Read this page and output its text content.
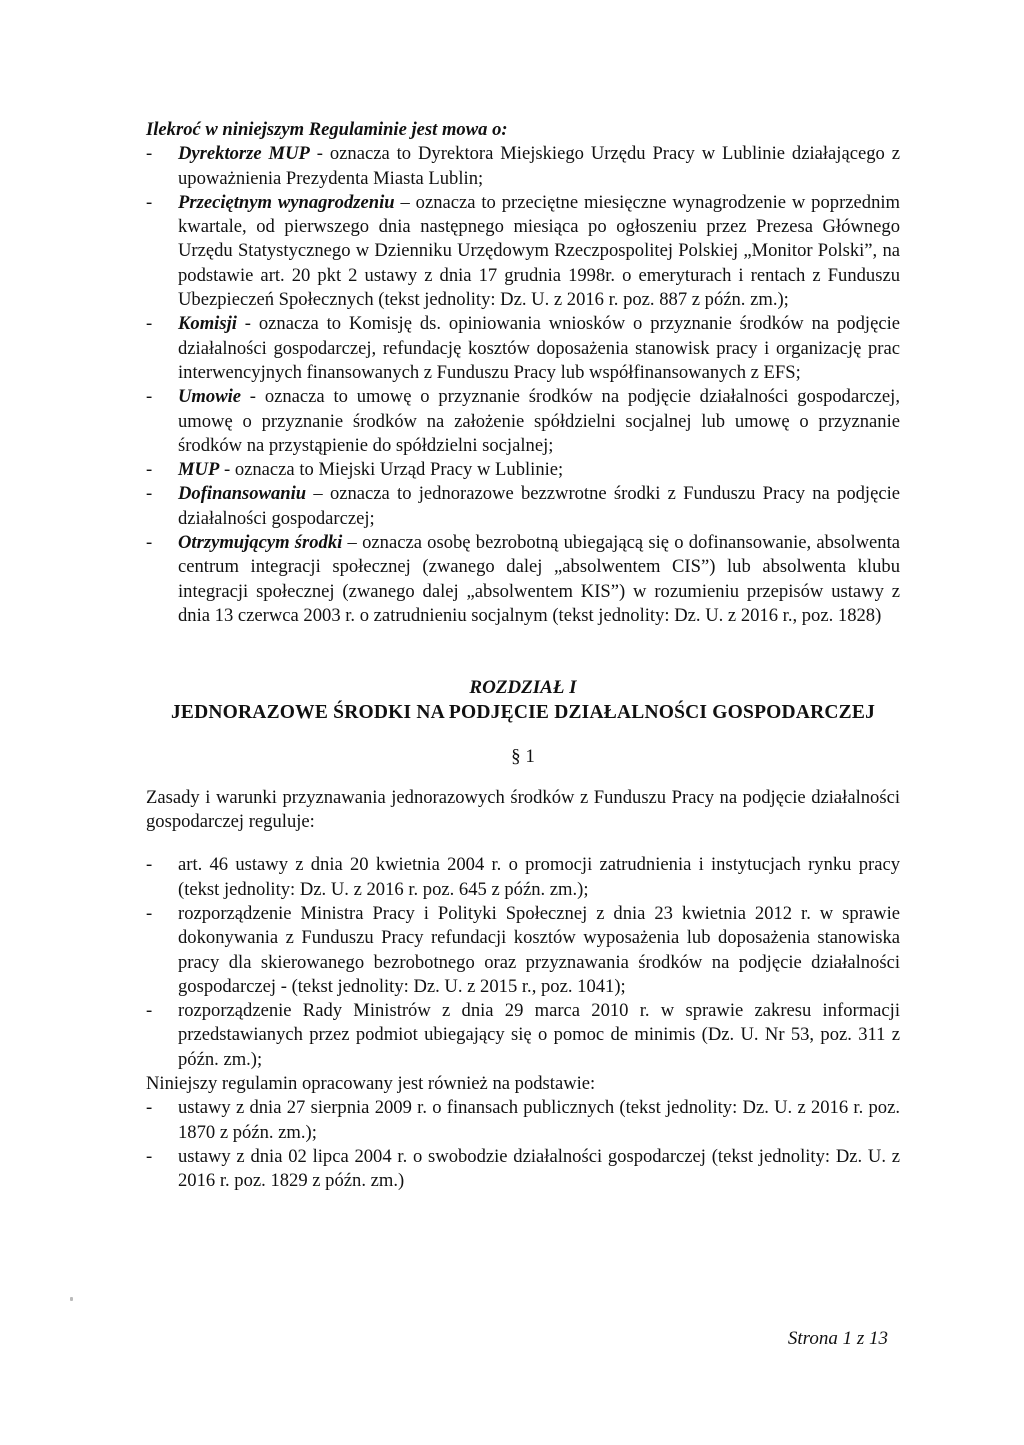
Ilekroć w niniejszym Regulaminie jest mowa o:

- Dyrektorze MUP - oznacza to Dyrektora Miejskiego Urzędu Pracy w Lublinie działającego z upoważnienia Prezydenta Miasta Lublin;
- Przeciętnym wynagrodzeniu – oznacza to przeciętne miesięczne wynagrodzenie w poprzednim kwartale, od pierwszego dnia następnego miesiąca po ogłoszeniu przez Prezesa Głównego Urzędu Statystycznego w Dzienniku Urzędowym Rzeczpospolitej Polskiej „Monitor Polski”, na podstawie art. 20 pkt 2 ustawy z dnia 17 grudnia 1998r. o emeryturach i rentach z Funduszu Ubezpieczeń Społecznych (tekst jednolity: Dz. U. z 2016 r. poz. 887 z późn. zm.);
- Komisji - oznacza to Komisję ds. opiniowania wniosków o przyznanie środków na podjęcie działalności gospodarczej, refundację kosztów doposażenia stanowisk pracy i organizację prac interwencyjnych finansowanych z Funduszu Pracy lub współfinansowanych z EFS;
- Umowie - oznacza to umowę o przyznanie środków na podjęcie działalności gospodarczej, umowę o przyznanie środków na założenie spółdzielni socjalnej lub umowę o przyznanie środków na przystąpienie do spółdzielni socjalnej;
- MUP - oznacza to Miejski Urząd Pracy w Lublinie;
- Dofinansowaniu – oznacza to jednorazowe bezzwrotne środki z Funduszu Pracy na podjęcie działalności gospodarczej;
- Otrzymującym środki – oznacza osobę bezrobotną ubiegającą się o dofinansowanie, absolwenta centrum integracji społecznej (zwanego dalej „absolwentem CIS”) lub absolwenta klubu integracji społecznej (zwanego dalej „absolwentem KIS”) w rozumieniu przepisów ustawy z dnia 13 czerwca 2003 r. o zatrudnieniu socjalnym (tekst jednolity: Dz. U. z 2016 r., poz. 1828)
ROZDZIAŁ I
JEDNORAZOWE ŚRODKI NA PODJĘCIE DZIAŁALNOŚCI GOSPODARCZEJ
§ 1

Zasady i warunki przyznawania jednorazowych środków z Funduszu Pracy na podjęcie działalności gospodarczej reguluje:

- art. 46 ustawy z dnia 20 kwietnia 2004 r. o promocji zatrudnienia i instytucjach rynku pracy (tekst jednolity: Dz. U. z 2016 r. poz. 645 z późn. zm.);
- rozporządzenie Ministra Pracy i Polityki Społecznej z dnia 23 kwietnia 2012 r. w sprawie dokonywania z Funduszu Pracy refundacji kosztów wyposażenia lub doposażenia stanowiska pracy dla skierowanego bezrobotnego oraz przyznawania środków na podjęcie działalności gospodarczej - (tekst jednolity: Dz. U. z 2015 r., poz. 1041);
- rozporządzenie Rady Ministrów z dnia 29 marca 2010 r. w sprawie zakresu informacji przedstawianych przez podmiot ubiegający się o pomoc de minimis (Dz. U. Nr 53, poz. 311 z późn. zm.);

Niniejszy regulamin opracowany jest również na podstawie:

- ustawy z dnia 27 sierpnia 2009 r. o finansach publicznych (tekst jednolity: Dz. U. z 2016 r. poz. 1870 z późn. zm.);
- ustawy z dnia 02 lipca 2004 r. o swobodzie działalności gospodarczej (tekst jednolity: Dz. U. z 2016 r. poz. 1829 z późn. zm.)
Strona 1 z 13
